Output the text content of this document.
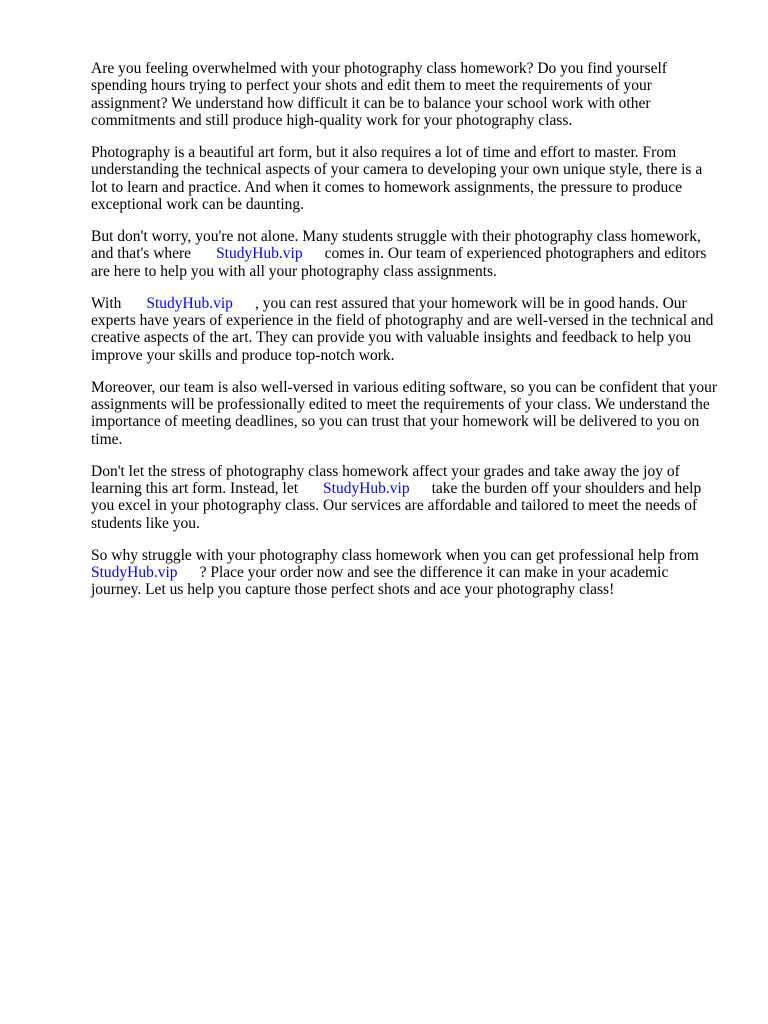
Are you feeling overwhelmed with your photography class homework? Do you find yourself
spending hours trying to perfect your shots and edit them to meet the requirements of your
assignment? We understand how difficult it can be to balance your school work with other
commitments and still produce high-quality work for your photography class.
Photography is a beautiful art form, but it also requires a lot of time and effort to master. From
understanding the technical aspects of your camera to developing your own unique style, there is a
lot to learn and practice. And when it comes to homework assignments, the pressure to produce
exceptional work can be daunting.
But don't worry, you're not alone. Many students struggle with their photography class homework,
and that's where StudyHub.vip comes in. Our team of experienced photographers and editors
are here to help you with all your photography class assignments.
With StudyHub.vip , you can rest assured that your homework will be in good hands. Our
experts have years of experience in the field of photography and are well-versed in the technical and
creative aspects of the art. They can provide you with valuable insights and feedback to help you
improve your skills and produce top-notch work.
Moreover, our team is also well-versed in various editing software, so you can be confident that your
assignments will be professionally edited to meet the requirements of your class. We understand the
importance of meeting deadlines, so you can trust that your homework will be delivered to you on
time.
Don't let the stress of photography class homework affect your grades and take away the joy of
learning this art form. Instead, let StudyHub.vip take the burden off your shoulders and help
you excel in your photography class. Our services are affordable and tailored to meet the needs of
students like you.
So why struggle with your photography class homework when you can get professional help from
StudyHub.vip ? Place your order now and see the difference it can make in your academic
journey. Let us help you capture those perfect shots and ace your photography class!
